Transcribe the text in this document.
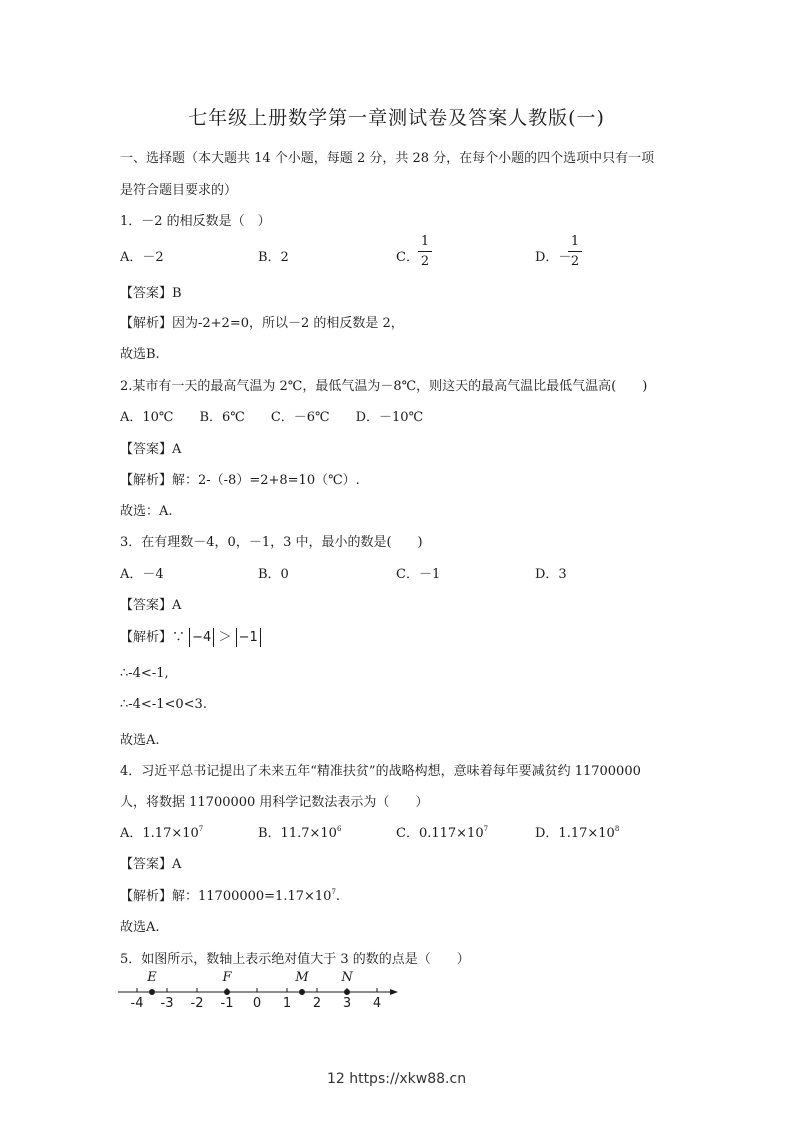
七年级上册数学第一章测试卷及答案人教版(一)
一、选择题（本大题共 14 个小题，每题 2 分，共 28 分，在每个小题的四个选项中只有一项
是符合题目要求的）
1．－2 的相反数是（　）
A．－2	B．2	C．
1
2	D．－
1
2
【答案】B
【解析】因为-2+2=0，所以－2 的相反数是 2，
故选B.
2.某市有一天的最高气温为 2℃，最低气温为－8℃，则这天的最高气温比最低气温高(　　)
A．10℃　　B．6℃　　C．－6℃　　D．－10℃
【答案】A
【解析】解：2-（-8）=2+8=10（℃）.
故选：A.
3．在有理数－4，0，－1，3 中，最小的数是(　　)
A．－4	B．0	C．－1	D．3
【答案】A
【解析】∵ −4 ＞ −1
∴-4<-1,
∴-4<-1<0<3.
故选A.
4．习近平总书记提出了未来五年“精准扶贫”的战略构想，意味着每年要减贫约 11700000
人，将数据 11700000 用科学记数法表示为（　　）
A．$1.17\times 10^7$	B．$11.7\times 10^6$	C．$0.117\times 10^7$	D．$1.17\times 10^8$
【答案】A
【解析】解：$11700000=1.17\times 10^7$.
故选A.
5．如图所示，数轴上表示绝对值大于 3 的数的点是（　　）
-4 -3 -2 -1 0 1 2 3 4
E	F	M	N
12 https://xkw88.cn
